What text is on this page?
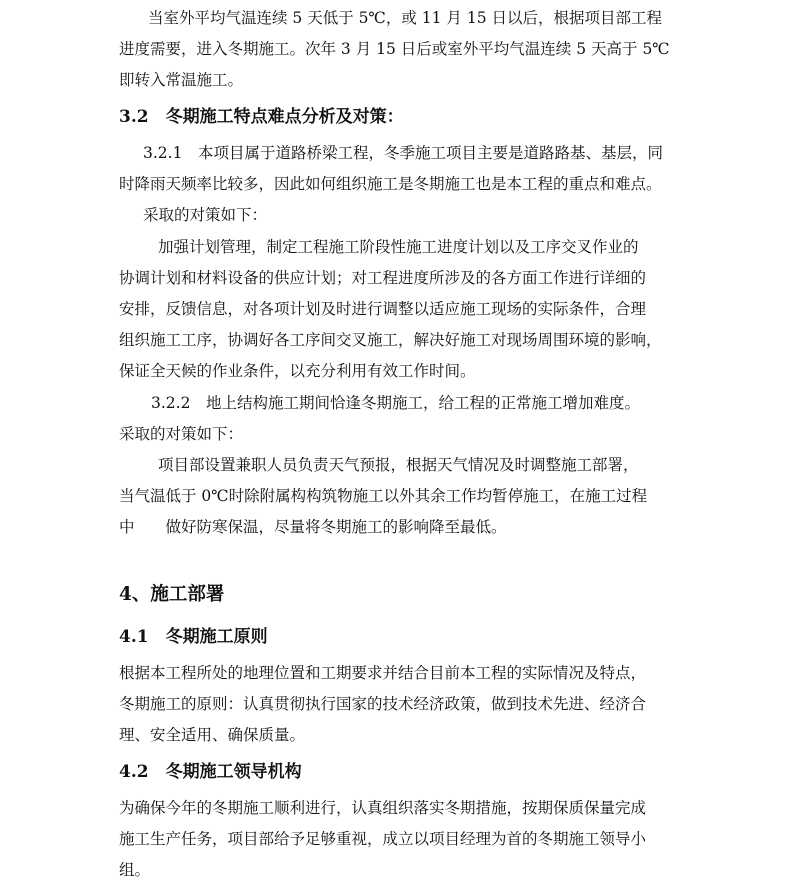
当室外平均气温连续 5 天低于 5℃，或 11 月 15 日以后，根据项目部工程

进度需要，进入冬期施工。次年 3 月 15 日后或室外平均气温连续 5 天高于 5℃

即转入常温施工。

3.2　冬期施工特点难点分析及对策：

3.2.1　本项目属于道路桥梁工程，冬季施工项目主要是道路路基、基层，同

时降雨天频率比较多，因此如何组织施工是冬期施工也是本工程的重点和难点。

采取的对策如下：

加强计划管理，制定工程施工阶段性施工进度计划以及工序交叉作业的

协调计划和材料设备的供应计划；对工程进度所涉及的各方面工作进行详细的

安排，反馈信息，对各项计划及时进行调整以适应施工现场的实际条件，合理

组织施工工序，协调好各工序间交叉施工，解决好施工对现场周围环境的影响，

保证全天候的作业条件，以充分利用有效工作时间。

3.2.2　地上结构施工期间恰逢冬期施工，给工程的正常施工增加难度。

采取的对策如下：

项目部设置兼职人员负责天气预报，根据天气情况及时调整施工部署，

当气温低于 0℃时除附属构构筑物施工以外其余工作均暂停施工，在施工过程

中　　做好防寒保温，尽量将冬期施工的影响降至最低。

4、施工部署
4.1　冬期施工原则

根据本工程所处的地理位置和工期要求并结合目前本工程的实际情况及特点，

冬期施工的原则：认真贯彻执行国家的技术经济政策，做到技术先进、经济合

理、安全适用、确保质量。

4.2　冬期施工领导机构

为确保今年的冬期施工顺利进行，认真组织落实冬期措施，按期保质保量完成

施工生产任务，项目部给予足够重视，成立以项目经理为首的冬期施工领导小

组。
